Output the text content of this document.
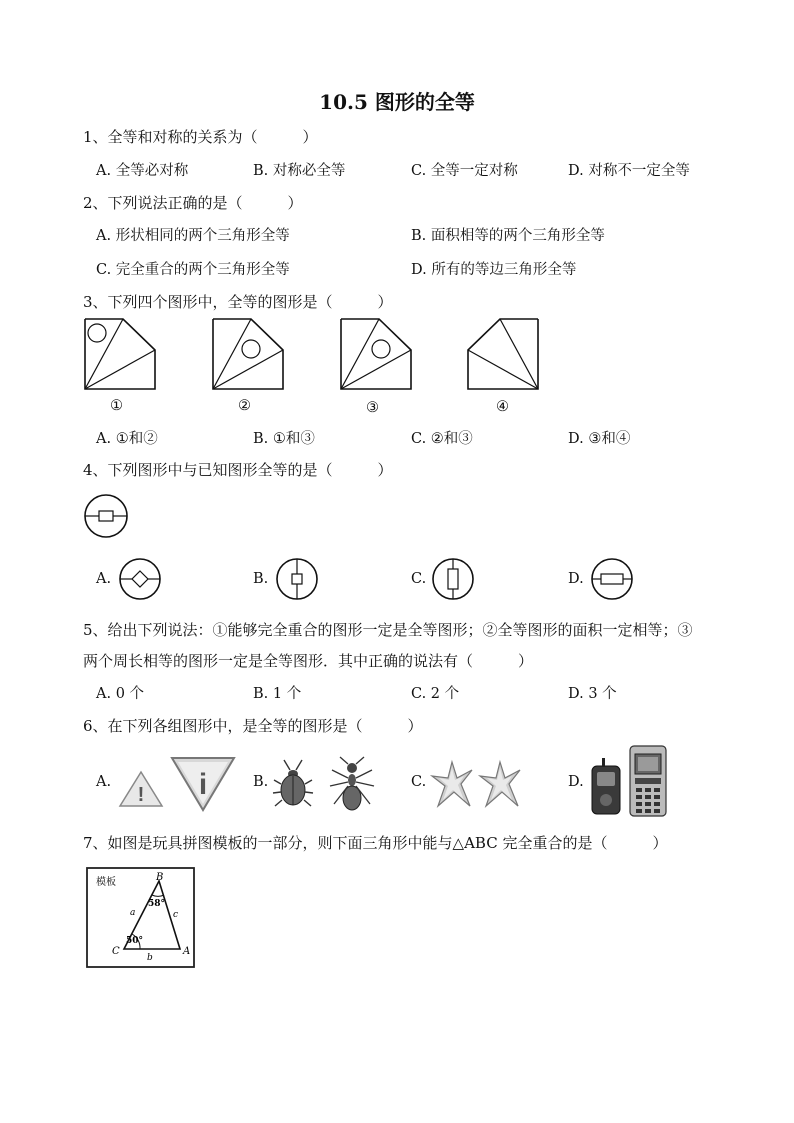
10.5 图形的全等
1、全等和对称的关系为（　　　）
A. 全等必对称	B. 对称必全等	C. 全等一定对称	D. 对称不一定全等
2、下列说法正确的是（　　　）
A. 形状相同的两个三角形全等	B. 面积相等的两个三角形全等
C. 完全重合的两个三角形全等	D. 所有的等边三角形全等
3、下列四个图形中，全等的图形是（　　　）
①	②	③	④
A. ①和②	B. ①和③	C. ②和③	D. ③和④
4、下列图形中与已知图形全等的是（　　　）
A.	B.	C.	D.
5、给出下列说法：①能够完全重合的图形一定是全等图形；②全等图形的面积一定相等；③
两个周长相等的图形一定是全等图形．其中正确的说法有（　　　）
A. 0 个	B. 1 个	C. 2 个	D. 3 个
6、在下列各组图形中，是全等的图形是（　　　）
A.
! i	B.	C.	D.
7、如图是玩具拼图模板的一部分，则下面三角形中能与△ABC 完全重合的是（　　　）
模板	B
C	A
a
b
c
58°
50°
